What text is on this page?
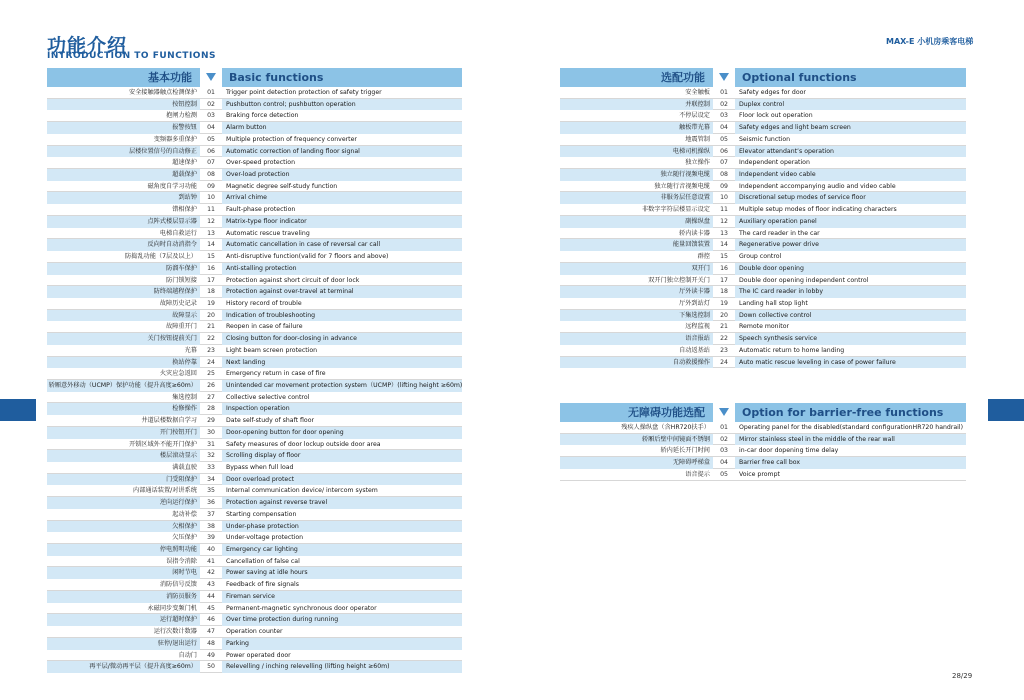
功能介绍
INTRODUCTION TO FUNCTIONS
MAX-E 小机房乘客电梯
28/29
基本功能	Basic functions
安全接触器触点检测保护	01	Trigger point detection protection of safety trigger
按钮控制	02	Pushbutton control; pushbutton operation
抱闸力检测	03	Braking force detection
报警按钮	04	Alarm button
变频器多重保护	05	Multiple protection of frequency converter
层楼位置信号的自动修正	06	Automatic correction of landing floor signal
超速保护	07	Over-speed protection
超载保护	08	Over-load protection
磁角度自学习功能	09	Magnetic degree self-study function
到站钟	10	Arrival chime
错相保护	11	Fault-phase protection
点阵式楼层显示器	12	Matrix-type floor indicator
电梯自救运行	13	Automatic rescue traveling
反向时自动消指令	14	Automatic cancellation in case of reversal car call
防捣乱功能（7层及以上）	15	Anti-disruptive function(valid for 7 floors and above)
防溜车保护	16	Anti-stalling protection
防门锁短接	17	Protection against short circuit of door lock
防终端越程保护	18	Protection against over-travel at terminal
故障历史记录	19	History record of trouble
故障显示	20	Indication of troubleshooting
故障重开门	21	Reopen in case of failure
关门按钮提前关门	22	Closing button for door-closing in advance
光幕	23	Light beam screen protection
换站停靠	24	Next landing
火灾应急返回	25	Emergency return in case of fire
轿厢意外移动（UCMP）保护功能（提升高度≥60m）	26	Unintended car movement protection system（UCMP）(lifting height ≥60m)
集选控制	27	Collective selective control
检修操作	28	Inspection operation
井道层楼数据自学习	29	Date self-study of shaft floor
开门按钮开门	30	Door-opening button for door opening
开锁区域外不能开门保护	31	Safety measures of door lockup outside door area
楼层滚动显示	32	Scrolling display of floor
满载直驶	33	Bypass when full load
门受阻保护	34	Door overload protect
内部通话装置/对讲系统	35	Internal communication device/ intercom system
逆向运行保护	36	Protection against reverse travel
起动补偿	37	Starting compensation
欠相保护	38	Under-phase protection
欠压保护	39	Under-voltage protection
停电照明功能	40	Emergency car lighting
误指令消除	41	Cancellation of false cal
闲时节电	42	Power saving at idle hours
消防信号反馈	43	Feedback of fire signals
消防员服务	44	Fireman service
永磁同步变频门机	45	Permanent-magnetic synchronous door operator
运行超时保护	46	Over time protection during running
运行次数计数器	47	Operation counter
驻停/退出运行	48	Parking
自动门	49	Power operated door
再平层/微动再平层（提升高度≥60m）	50	Relevelling / inching relevelling (lifting height ≥60m)
选配功能	Optional functions
安全触板	01	Safety edges for door
并联控制	02	Duplex control
不停层设定	03	Floor lock out operation
触板带光幕	04	Safety edges and light beam screen
地震管制	05	Seismic function
电梯司机操纵	06	Elevator attendant’s operation
独立操作	07	Independent operation
独立随行视频电缆	08	Independent video cable
独立随行音视频电缆	09	Independent accompanying audio and video cable
非服务层任意设置	10	Discretional setup modes of service floor
非数字字符层楼显示设定	11	Multiple setup modes of floor indicating characters
副操纵盘	12	Auxiliary operation panel
轿内读卡器	13	The card reader in the car
能量回馈装置	14	Regenerative power drive
群控	15	Group control
双开门	16	Double door opening
双开门独立控制开关门	17	Double door opening independent control
厅外读卡器	18	The IC card reader in lobby
厅外到站灯	19	Landing hall stop light
下集选控制	20	Down collective control
远程监视	21	Remote monitor
语音报站	22	Speech synthesis service
自动返基站	23	Automatic return to home landing
自动救援操作	24	Auto matic rescue leveling in case of power failure
无障碍功能选配	Option for barrier-free functions
残疾人操纵盘（含HR720扶手）	01	Operating panel for the disabled(standard configurationHR720 handrail)
轿厢后壁中间镜面不锈钢	02	Mirror stainless steel in the middle of the rear wall
轿内延长开门时间	03	in-car door dopening time delay
无障碍呼梯盒	04	Barrier free call box
语音提示	05	Voice prompt
